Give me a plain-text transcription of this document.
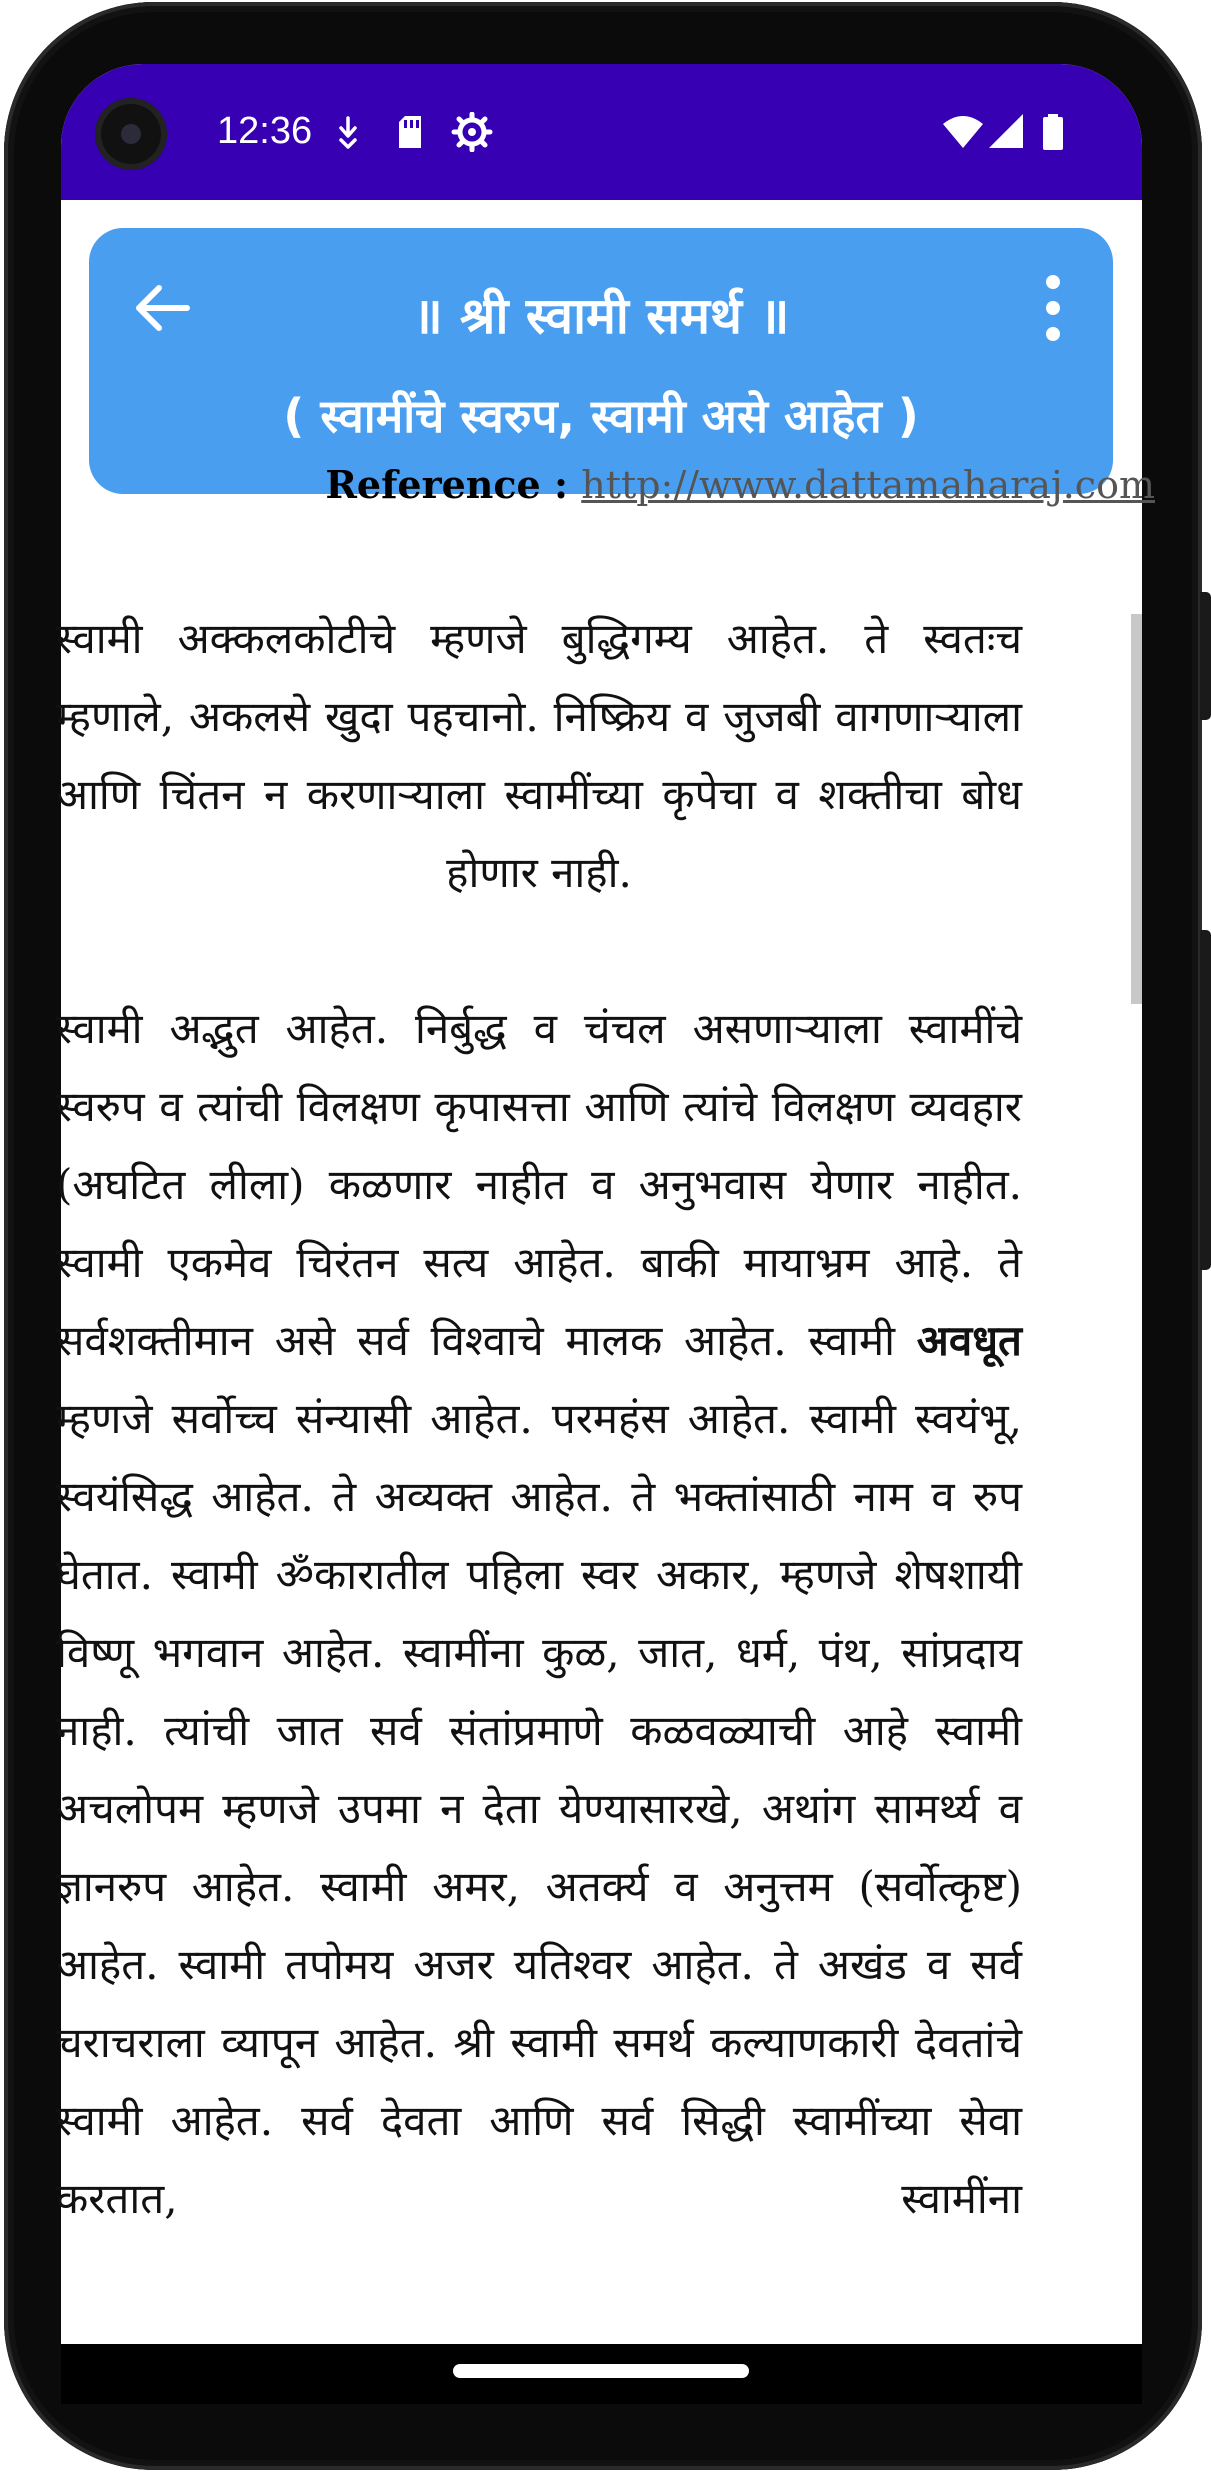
12:36
॥ श्री स्वामी समर्थ ॥
( स्वामींचे स्वरुप, स्वामी असे आहेत )
Reference : http://www.dattamaharaj.com

स्वामी अक्कलकोटीचे म्हणजे बुद्धिगम्य आहेत. ते स्वतःच म्हणाले, अकलसे खुदा पहचानो. निष्क्रिय व जुजबी वागणाऱ्याला आणि चिंतन न करणाऱ्याला स्वामींच्या कृपेचा व शक्तीचा बोध होणार नाही.

स्वामी अद्भुत आहेत. निर्बुद्ध व चंचल असणाऱ्याला स्वामींचे स्वरुप व त्यांची विलक्षण कृपासत्ता आणि त्यांचे विलक्षण व्यवहार (अघटित लीला) कळणार नाहीत व अनुभवास येणार नाहीत. स्वामी एकमेव चिरंतन सत्य आहेत. बाकी मायाभ्रम आहे. ते सर्वशक्तीमान असे सर्व विश्वाचे मालक आहेत. स्वामी अवधूत म्हणजे सर्वोच्च संन्यासी आहेत. परमहंस आहेत. स्वामी स्वयंभू, स्वयंसिद्ध आहेत. ते अव्यक्त आहेत. ते भक्तांसाठी नाम व रुप घेतात. स्वामी ॐकारातील पहिला स्वर अकार, म्हणजे शेषशायी विष्णू भगवान आहेत. स्वामींना कुळ, जात, धर्म, पंथ, सांप्रदाय नाही. त्यांची जात सर्व संतांप्रमाणे कळवळ्याची आहे स्वामी अचलोपम म्हणजे उपमा न देता येण्यासारखे, अथांग सामर्थ्य व ज्ञानरुप आहेत. स्वामी अमर, अतर्क्य व अनुत्तम (सर्वोत्कृष्ट) आहेत. स्वामी तपोमय अजर यतिश्वर आहेत. ते अखंड व सर्व चराचराला व्यापून आहेत. श्री स्वामी समर्थ कल्याणकारी देवतांचे स्वामी आहेत. सर्व देवता आणि सर्व सिद्धी स्वामींच्या सेवा करतात, स्वामींना
